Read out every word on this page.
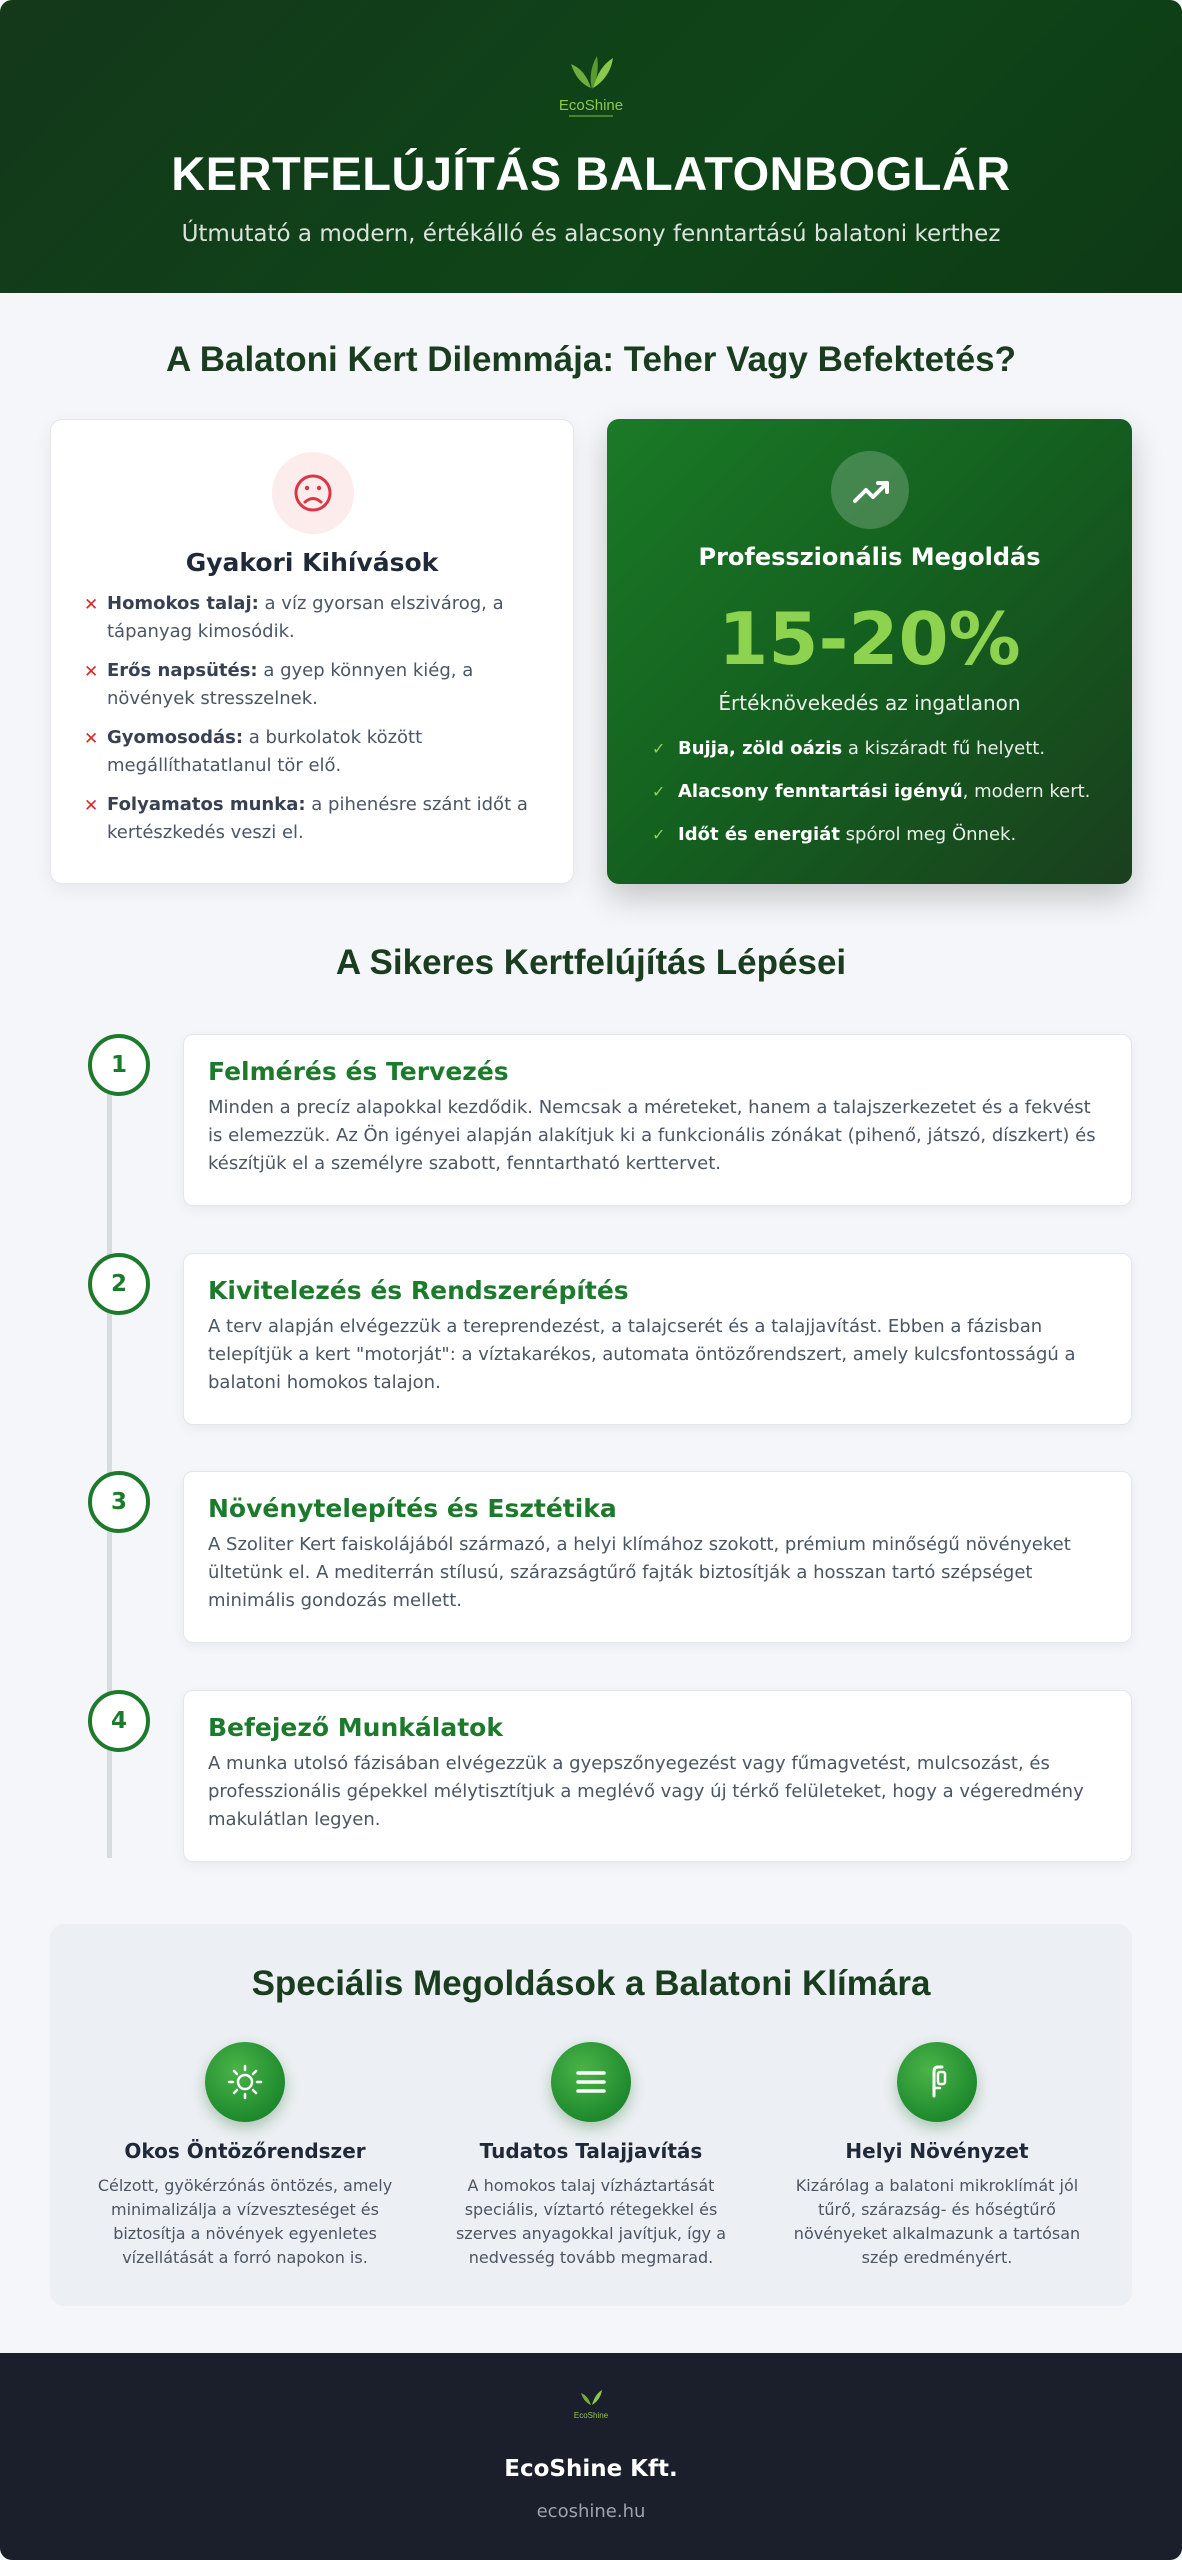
EcoShine
KERTFELÚJÍTÁS BALATONBOGLÁR
Útmutató a modern, értékálló és alacsony fenntartású balatoni kerthez
A Balatoni Kert Dilemmája: Teher Vagy Befektetés?
Gyakori Kihívások
✕ Homokos talaj: a víz gyorsan elszivárog, a tápanyag kimosódik.
✕ Erős napsütés: a gyep könnyen kiég, a növények stresszelnek.
✕ Gyomosodás: a burkolatok között megállíthatatlanul tör elő.
✕ Folyamatos munka: a pihenésre szánt időt a kertészkedés veszi el.
Professzionális Megoldás
15-20%
Értéknövekedés az ingatlanon
✓ Bujja, zöld oázis a kiszáradt fű helyett.
✓ Alacsony fenntartási igényű, modern kert.
✓ Időt és energiát spórol meg Önnek.
A Sikeres Kertfelújítás Lépései
1	Felmérés és Tervezés
Minden a precíz alapokkal kezdődik. Nemcsak a méreteket, hanem a talajszerkezetet és a fekvést is elemezzük. Az Ön igényei alapján alakítjuk ki a funkcionális zónákat (pihenő, játszó, díszkert) és készítjük el a személyre szabott, fenntartható kerttervet.
2	Kivitelezés és Rendszerépítés
A terv alapján elvégezzük a tereprendezést, a talajcserét és a talajjavítást. Ebben a fázisban telepítjük a kert "motorját": a víztakarékos, automata öntözőrendszert, amely kulcsfontosságú a balatoni homokos talajon.
3	Növénytelepítés és Esztétika
A Szoliter Kert faiskolájából származó, a helyi klímához szokott, prémium minőségű növényeket ültetünk el. A mediterrán stílusú, szárazságtűrő fajták biztosítják a hosszan tartó szépséget minimális gondozás mellett.
4	Befejező Munkálatok
A munka utolsó fázisában elvégezzük a gyepszőnyegezést vagy fűmagvetést, mulcsozást, és professzionális gépekkel mélytisztítjuk a meglévő vagy új térkő felületeket, hogy a végeredmény makulátlan legyen.
Speciális Megoldások a Balatoni Klímára
Okos Öntözőrendszer
Célzott, gyökérzónás öntözés, amely minimalizálja a vízveszteséget és biztosítja a növények egyenletes vízellátását a forró napokon is.
Tudatos Talajjavítás
A homokos talaj vízháztartását speciális, víztartó rétegekkel és szerves anyagokkal javítjuk, így a nedvesség tovább megmarad.
Helyi Növényzet
Kizárólag a balatoni mikroklímát jól tűrő, szárazság- és hőségtűrő növényeket alkalmazunk a tartósan szép eredményért.
EcoShine
EcoShine Kft.
ecoshine.hu
